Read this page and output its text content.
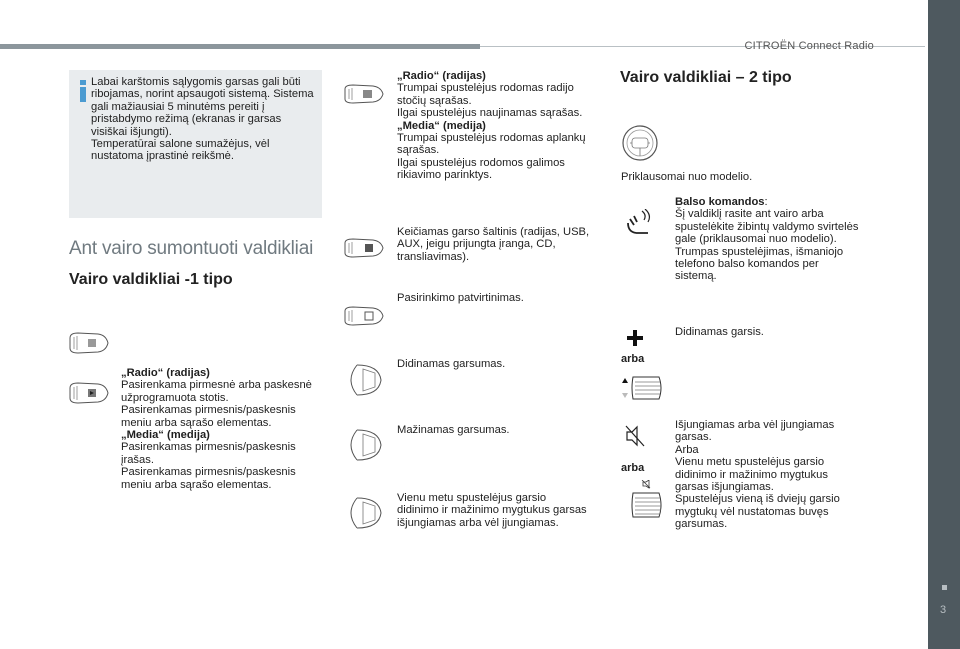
CITROËN Connect Radio
3
Labai karštomis sąlygomis garsas gali būti ribojamas, norint apsaugoti sistemą. Sistema gali mažiausiai 5 minutėms pereiti į pristabdymo režimą (ekranas ir garsas visiškai išjungti).
Temperatūrai salone sumažėjus, vėl nustatoma įprastinė reikšmė.
Ant vairo sumontuoti valdikliai
Vairo valdikliai -1 tipo
Vairo valdikliai – 2 tipo
„Radio“ (radijas)
Pasirenkama pirmesnė arba paskesnė užprogramuota stotis.
Pasirenkamas pirmesnis/paskesnis meniu arba sąrašo elementas.
„Media“ (medija)
Pasirenkamas pirmesnis/paskesnis įrašas.
Pasirenkamas pirmesnis/paskesnis meniu arba sąrašo elementas.
„Radio“ (radijas)
Trumpai spustelėjus rodomas radijo stočių sąrašas.
Ilgai spustelėjus naujinamas sąrašas.
„Media“ (medija)
Trumpai spustelėjus rodomas aplankų sąrašas.
Ilgai spustelėjus rodomos galimos rikiavimo parinktys.
Keičiamas garso šaltinis (radijas, USB, AUX, jeigu prijungta įranga, CD, transliavimas).
Pasirinkimo patvirtinimas.
Didinamas garsumas.
Mažinamas garsumas.
Vienu metu spustelėjus garsio didinimo ir mažinimo mygtukus garsas išjungiamas arba vėl įjungiamas.
Priklausomai nuo modelio.
Balso komandos:
Šį valdiklį rasite ant vairo arba spustelėkite žibintų valdymo svirtelės gale (priklausomai nuo modelio).
Trumpas spustelėjimas, išmaniojo telefono balso komandos per sistemą.
Didinamas garsis.
arba
arba
Išjungiamas arba vėl įjungiamas garsas.
Arba
Vienu metu spustelėjus garsio didinimo ir mažinimo mygtukus garsas išjungiamas.
Spustelėjus vieną iš dviejų garsio mygtukų vėl nustatomas buvęs garsumas.
